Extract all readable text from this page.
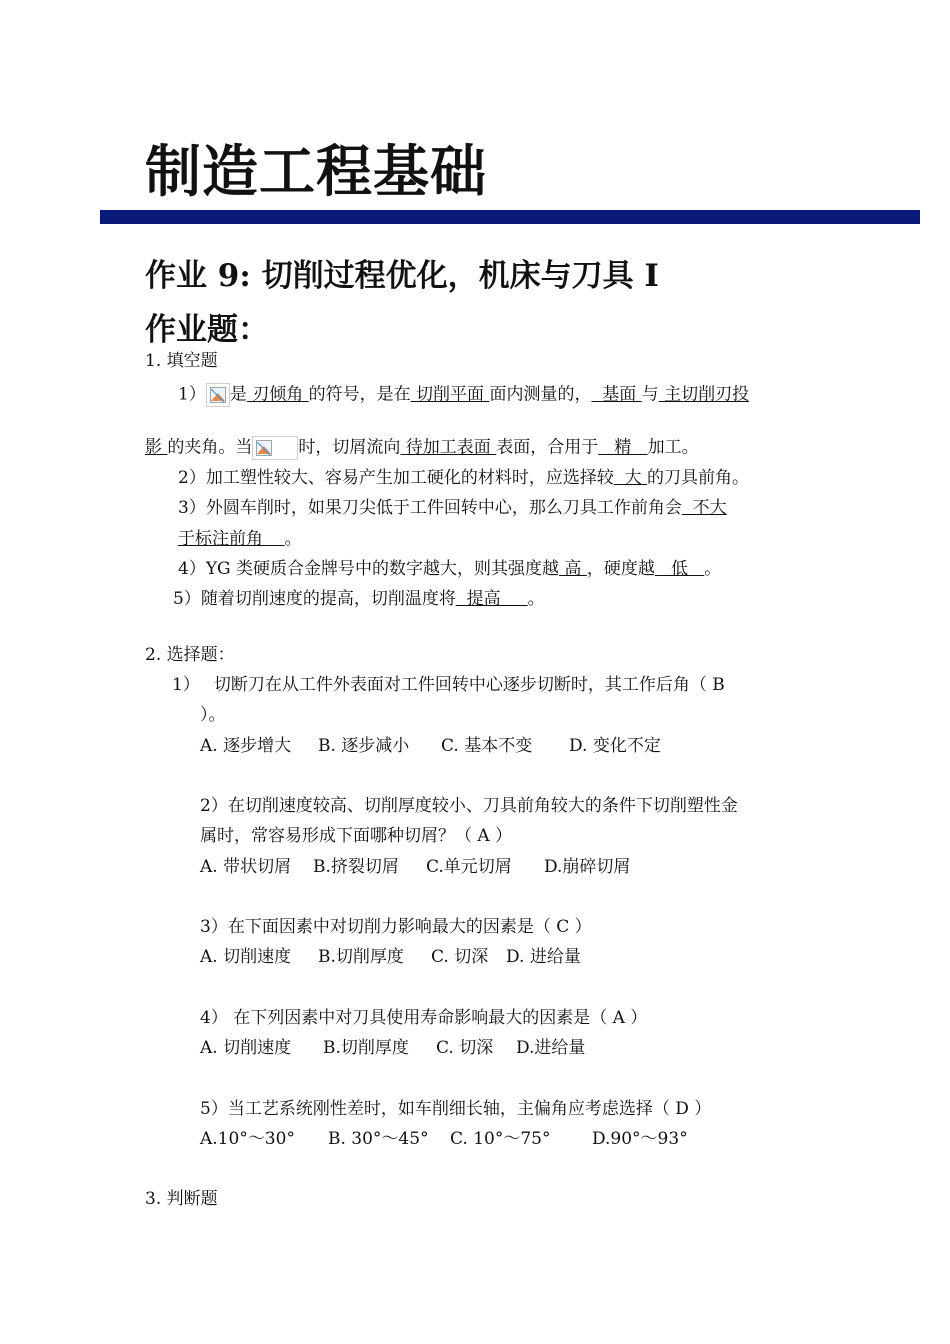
制造工程基础
作业 9: 切削过程优化，机床与刀具 I
作业题：
1. 填空题
1） 是 刃倾角 的符号，是在 切削平面 面内测量的，  基面 与 主切削刃投
影 的夹角。当	时，切屑流向 待加工表面 表面，合用于   精   加工。
2）加工塑性较大、容易产生加工硬化的材料时，应选择较  大 的刀具前角。
3）外圆车削时，如果刀尖低于工件回转中心，那么刀具工作前角会  不大
于标注前角    。
4）YG 类硬质合金牌号中的数字越大，则其强度越 高 ，硬度越   低   。
5）随着切削速度的提高，切削温度将  提高     。
2. 选择题：
1） 切断刀在从工件外表面对工件回转中心逐步切断时，其工作后角（ B
）。
A. 逐步增大 B. 逐步减小 C. 基本不变 D. 变化不定
2）在切削速度较高、切削厚度较小、刀具前角较大的条件下切削塑性金
属时，常容易形成下面哪种切屑？（ A ）
A. 带状切屑 B.挤裂切屑 C.单元切屑 D.崩碎切屑
3）在下面因素中对切削力影响最大的因素是（ C ）
A. 切削速度 B.切削厚度 C. 切深 D. 进给量
4） 在下列因素中对刀具使用寿命影响最大的因素是（ A ）
A. 切削速度 B.切削厚度 C. 切深 D.进给量
5）当工艺系统刚性差时，如车削细长轴，主偏角应考虑选择（ D ）
A.10°～30° B. 30°～45° C. 10°～75° D.90°～93°
3. 判断题
